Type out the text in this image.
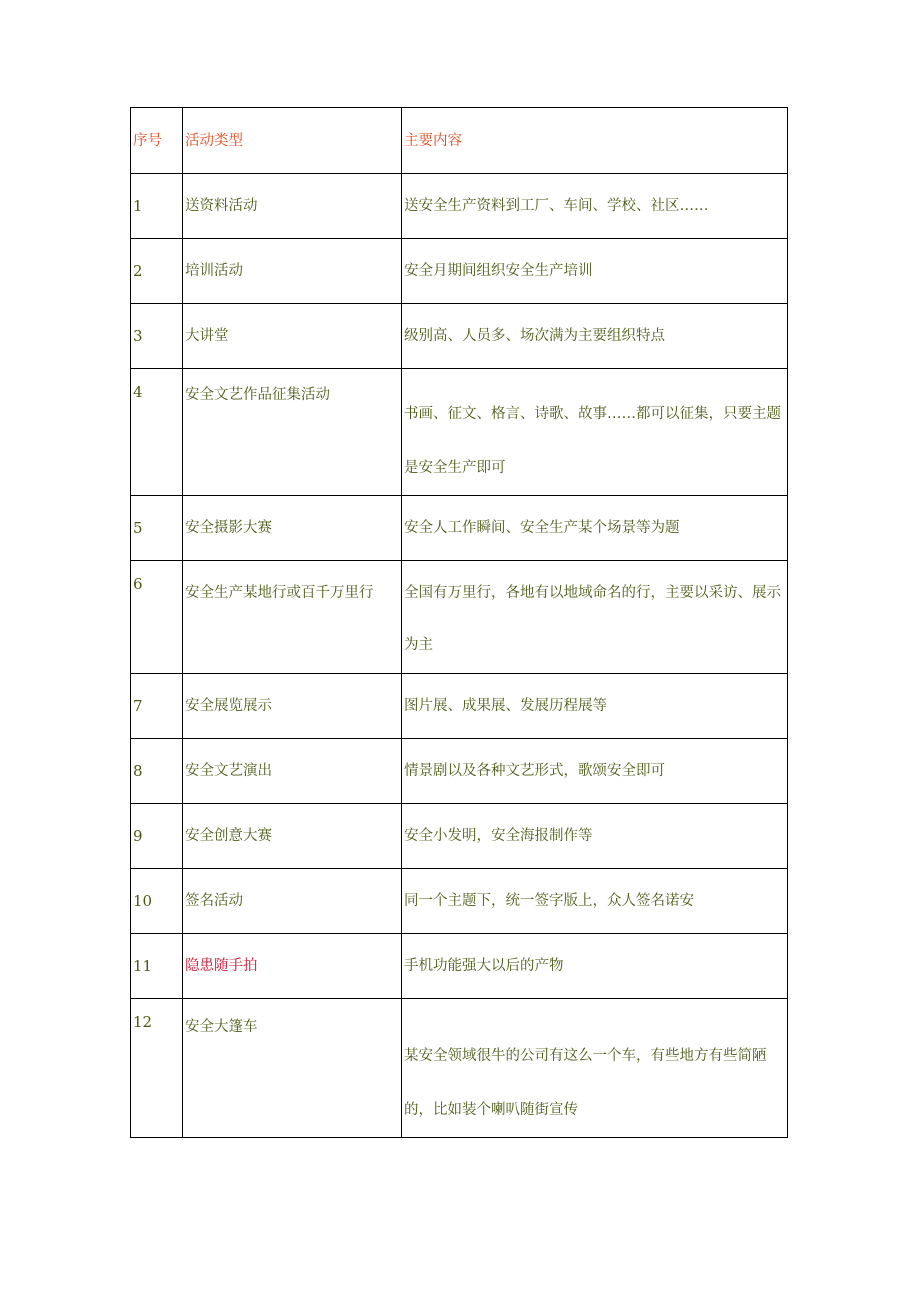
序号	活动类型	主要内容

1	送资料活动	送安全生产资料到工厂、车间、学校、社区……

2	培训活动	安全月期间组织安全生产培训

3	大讲堂	级别高、人员多、场次满为主要组织特点

4	安全文艺作品征集活动	书画、征文、格言、诗歌、故事……都可以征集，只要主题是安全生产即可

5	安全摄影大赛	安全人工作瞬间、安全生产某个场景等为题

6	安全生产某地行或百千万里行	全国有万里行，各地有以地域命名的行，主要以采访、展示为主

7	安全展览展示	图片展、成果展、发展历程展等

8	安全文艺演出	情景剧以及各种文艺形式，歌颂安全即可

9	安全创意大赛	安全小发明，安全海报制作等

10	签名活动	同一个主题下，统一签字版上，众人签名诺安

11	隐患随手拍	手机功能强大以后的产物

12	安全大篷车	某安全领域很牛的公司有这么一个车，有些地方有些简陋的，比如装个喇叭随街宣传
